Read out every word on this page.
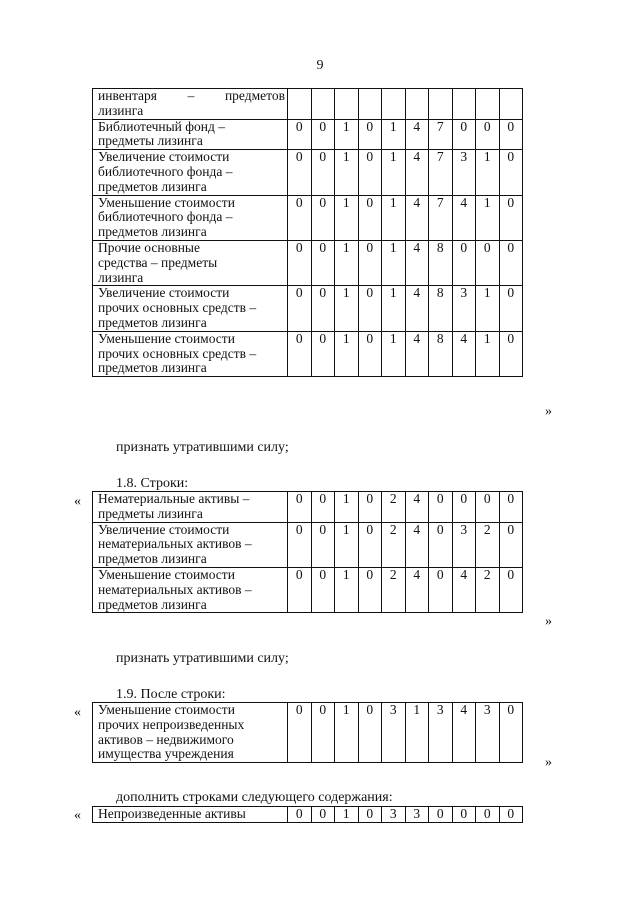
9
инвентаря – предметов
лизинга										

Библиотечный фонд –
предметы лизинга	0	0	1	0	1	4	7	0	0	0

Увеличение стоимости
библиотечного фонда –
предметов лизинга	0	0	1	0	1	4	7	3	1	0

Уменьшение стоимости
библиотечного фонда –
предметов лизинга	0	0	1	0	1	4	7	4	1	0

Прочие основные
средства – предметы
лизинга	0	0	1	0	1	4	8	0	0	0

Увеличение стоимости
прочих основных средств –
предметов лизинга	0	0	1	0	1	4	8	3	1	0

Уменьшение стоимости
прочих основных средств –
предметов лизинга	0	0	1	0	1	4	8	4	1	0
»
признать утратившими силу;
1.8. Строки:
« Нематериальные активы –
предметы лизинга	0	0	1	0	2	4	0	0	0	0

Увеличение стоимости
нематериальных активов –
предметов лизинга	0	0	1	0	2	4	0	3	2	0

Уменьшение стоимости
нематериальных активов –
предметов лизинга	0	0	1	0	2	4	0	4	2	0
»
признать утратившими силу;
1.9. После строки:
« Уменьшение стоимости
прочих непроизведенных
активов – недвижимого
имущества учреждения
	0	0	1	0	3	1	3	4	3	0
»
дополнить строками следующего содержания:
« Непроизведенные активы	0	0	1	0	3	3	0	0	0	0
